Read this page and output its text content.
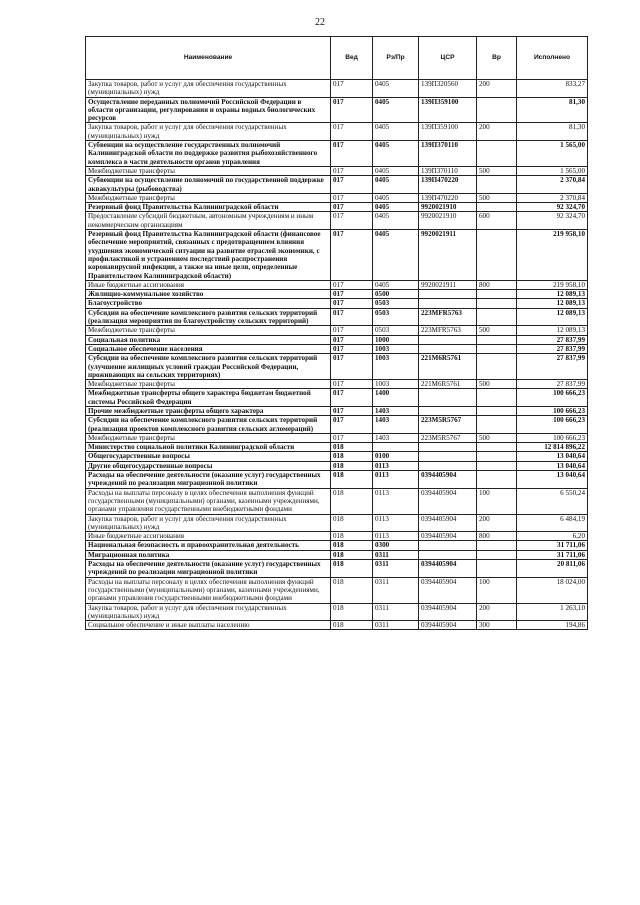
22
Наименование	Вед	Рз/Пр	ЦСР	Вр	Исполнено
Закупка товаров, работ и услуг для обеспечения государственных (муниципальных) нужд	017	0405	139П320560	200	833,27
Осуществление переданных полномочий Российской Федерации в области организации, регулирования и охраны водных биологических ресурсов	017	0405	139П359100		81,30
Закупка товаров, работ и услуг для обеспечения государственных (муниципальных) нужд	017	0405	139П359100	200	81,30
Субвенции на осуществление государственных полномочий Калининградской области по поддержке развития рыбохозяйственного комплекса в части деятельности органов управления	017	0405	139П370110		1 565,00
Межбюджетные трансферты	017	0405	139П370110	500	1 565,00
Субвенции на осуществление полномочий по государственной поддержке аквакультуры (рыбоводства)	017	0405	139П470220		2 370,84
Межбюджетные трансферты	017	0405	139П470220	500	2 370,84
Резервный фонд Правительства Калининградской области	017	0405	9920021910		92 324,70
Предоставление субсидий бюджетным, автономным учреждениям и иным некоммерческим организациям	017	0405	9920021910	600	92 324,70
Резервный фонд Правительства Калининградской области (финансовое обеспечение мероприятий, связанных с предотвращением влияния ухудшения экономической ситуации на развитие отраслей экономики, с профилактикой и устранением последствий распространения коронавирусной инфекции, а также на иные цели, определенные Правительством Калининградской области)	017	0405	9920021911		219 958,10
Иные бюджетные ассигнования	017	0405	9920021911	800	219 958,10
Жилищно-коммунальное хозяйство	017	0500			12 089,13
Благоустройство	017	0503			12 089,13
Субсидии на обеспечение комплексного развития сельских территорий (реализация мероприятия по благоустройству сельских территорий)	017	0503	223MFR5763		12 089,13
Межбюджетные трансферты	017	0503	223MFR5763	500	12 089,13
Социальная политика	017	1000			27 837,99
Социальное обеспечение населения	017	1003			27 837,99
Субсидии на обеспечение комплексного развития сельских территорий (улучшение жилищных условий граждан Российской Федерации, проживающих на сельских территориях)	017	1003	221M6R5761		27 837,99
Межбюджетные трансферты	017	1003	221M6R5761	500	27 837,99
Межбюджетные трансферты общего характера бюджетам бюджетной системы Российской Федерации	017	1400			100 666,23
Прочие межбюджетные трансферты общего характера	017	1403			100 666,23
Субсидии на обеспечение комплексного развития сельских территорий (реализация проектов комплексного развития сельских агломераций)	017	1403	223M5R5767		100 666,23
Межбюджетные трансферты	017	1403	223M5R5767	500	100 666,23
Министерство социальной политики Калининградской области	018				12 814 896,22
Общегосударственные вопросы	018	0100			13 040,64
Другие общегосударственные вопросы	018	0113			13 040,64
Расходы на обеспечение деятельности (оказание услуг) государственных учреждений по реализации миграционной политики	018	0113	0394405904		13 040,64
Расходы на выплаты персоналу в целях обеспечения выполнения функций государственными (муниципальными) органами, казенными учреждениями, органами управления государственными внебюджетными фондами	018	0113	0394405904	100	6 550,24
Закупка товаров, работ и услуг для обеспечения государственных (муниципальных) нужд	018	0113	0394405904	200	6 484,19
Иные бюджетные ассигнования	018	0113	0394405904	800	6,20
Национальная безопасность и правоохранительная деятельность	018	0300			31 711,06
Миграционная политика	018	0311			31 711,06
Расходы на обеспечение деятельности (оказание услуг) государственных учреждений по реализации миграционной политики	018	0311	0394405904		20 811,06
Расходы на выплаты персоналу в целях обеспечения выполнения функций государственными (муниципальными) органами, казенными учреждениями, органами управления государственными внебюджетными фондами	018	0311	0394405904	100	18 024,00
Закупка товаров, работ и услуг для обеспечения государственных (муниципальных) нужд	018	0311	0394405904	200	1 263,10
Социальное обеспечение и иные выплаты населению	018	0311	0394405904	300	194,86
